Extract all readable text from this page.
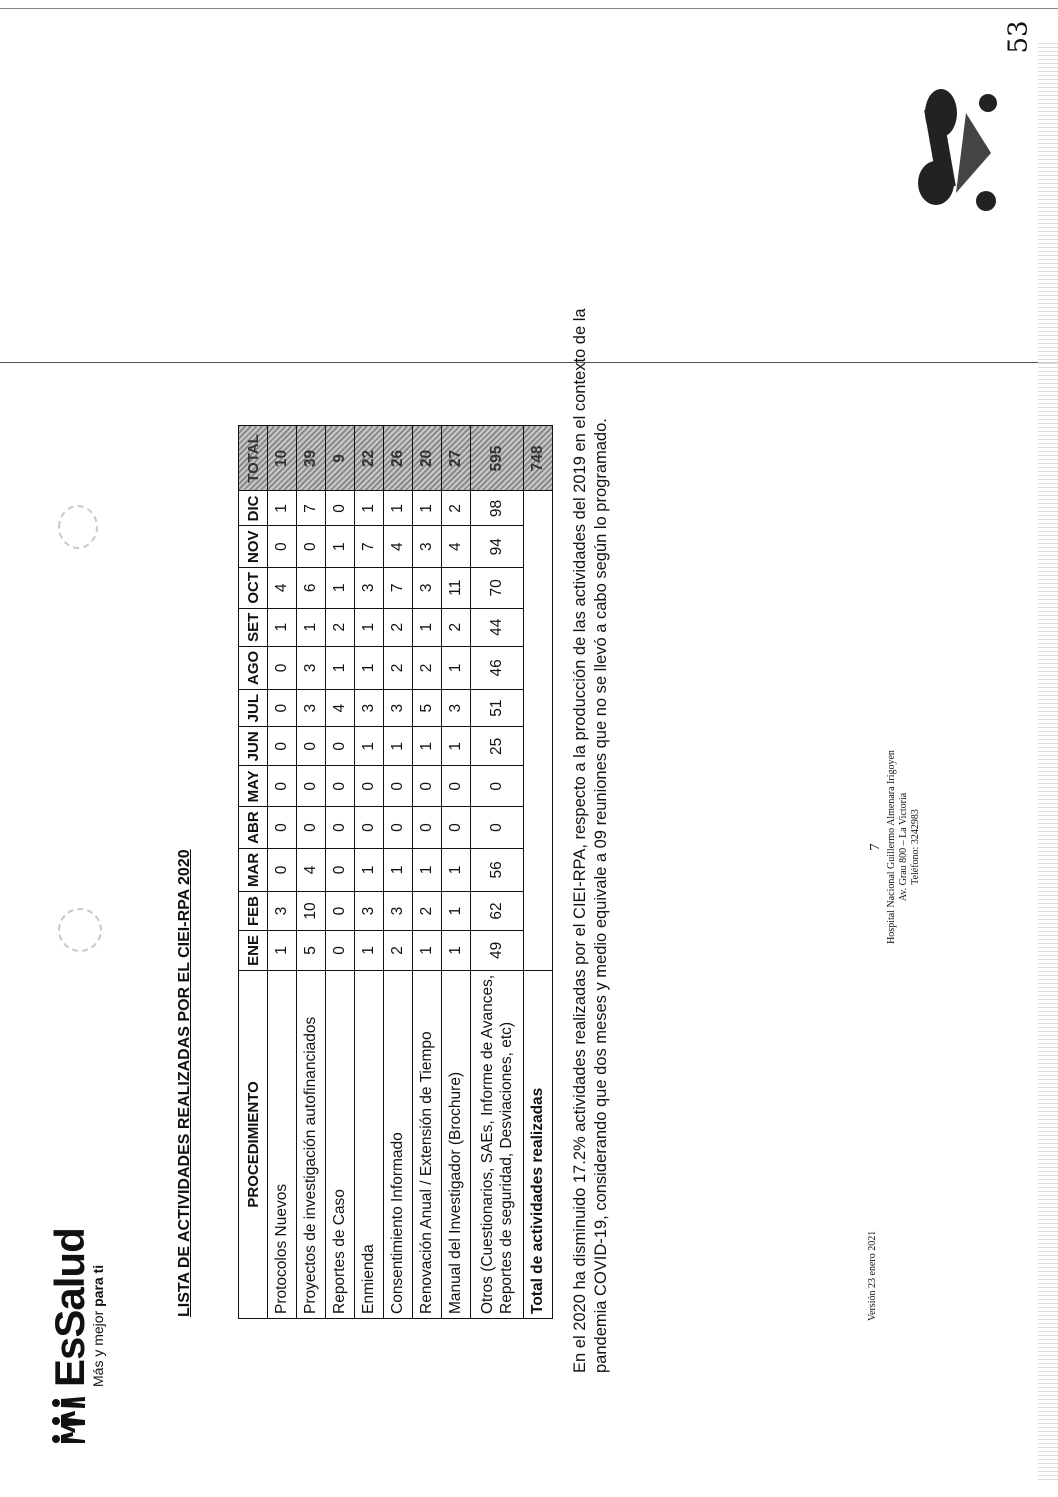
53
EsSalud
Más y mejor para ti	LISTA DE ACTIVIDADES REALIZADAS POR EL CIEI-RPA 2020	PROCEDIMIENTO	ENE	FEB	MAR	ABR	MAY	JUN	JUL	AGO	SET	OCT	NOV	DIC	TOTAL
Protocolos Nuevos	1	3	0	0	0	0	0	0	1	4	0	1	10
Proyectos de investigación autofinanciados	5	10	4	0	0	0	3	3	1	6	0	7	39
Reportes de Caso	0	0	0	0	0	0	4	1	2	1	1	0	9
Enmienda	1	3	1	0	0	1	3	1	1	3	7	1	22
Consentimiento Informado	2	3	1	0	0	1	3	2	2	7	4	1	26
Renovación Anual / Extensión de Tiempo	1	2	1	0	0	1	5	2	1	3	3	1	20
Manual del Investigador (Brochure)	1	1	1	0	0	1	3	1	2	11	4	2	27

Otros (Cuestionarios, SAEs, Informe de Avances, Reportes de seguridad, Desviaciones, etc)	49	62	56	0	0	25	51	46	44	70	94	98	595
Total de actividades realizadas													748 En el 2020 ha disminuido 17.2% actividades realizadas por el CIEI-RPA, respecto a la producción de las actividades del 2019 en el contexto de la pandemia COVID-19, considerando que dos meses y medio equivale a 09 reuniones que no se llevó a cabo según lo programado.	Versión 23 enero 2021
7 Hospital Nacional Guillermo Almenara Irigoyen Av. Grau 800 – La Victoria Teléfono: 3242983
